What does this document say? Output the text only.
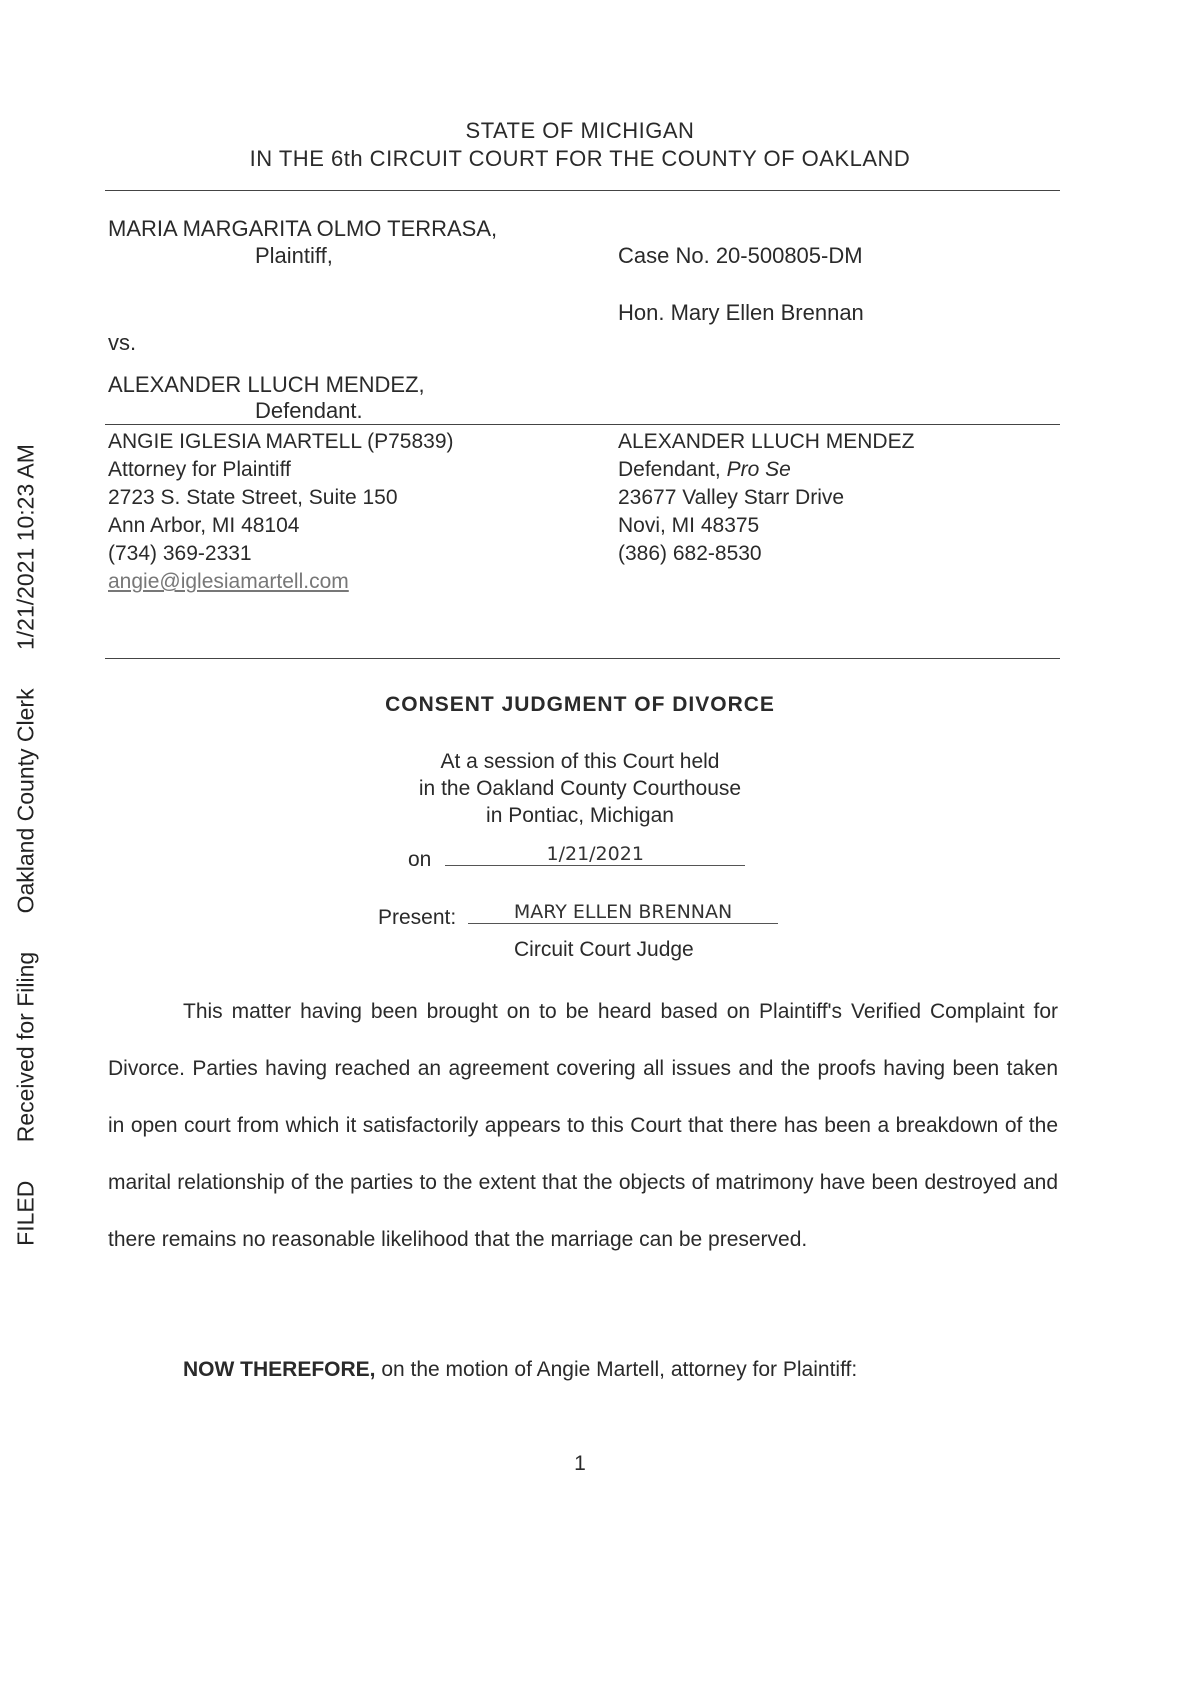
FILED Received for Filing Oakland County Clerk 1/21/2021 10:23 AM
STATE OF MICHIGAN
IN THE 6th CIRCUIT COURT FOR THE COUNTY OF OAKLAND
MARIA MARGARITA OLMO TERRASA,
Plaintiff,	Case No. 20-500805-DM
Hon. Mary Ellen Brennan
vs.
ALEXANDER LLUCH MENDEZ,
Defendant.
ANGIE IGLESIA MARTELL (P75839)
Attorney for Plaintiff
2723 S. State Street, Suite 150
Ann Arbor, MI 48104
(734) 369-2331
angie@iglesiamartell.com
ALEXANDER LLUCH MENDEZ
Defendant, Pro Se
23677 Valley Starr Drive
Novi, MI 48375
(386) 682-8530
CONSENT JUDGMENT OF DIVORCE
At a session of this Court held
in the Oakland County Courthouse
in Pontiac, Michigan
on	1/21/2021
Present:	MARY ELLEN BRENNAN
Circuit Court Judge
This matter having been brought on to be heard based on Plaintiff's Verified Complaint for Divorce. Parties having reached an agreement covering all issues and the proofs having been taken in open court from which it satisfactorily appears to this Court that there has been a breakdown of the marital relationship of the parties to the extent that the objects of matrimony have been destroyed and there remains no reasonable likelihood that the marriage can be preserved.
NOW THEREFORE, on the motion of Angie Martell, attorney for Plaintiff:
1
